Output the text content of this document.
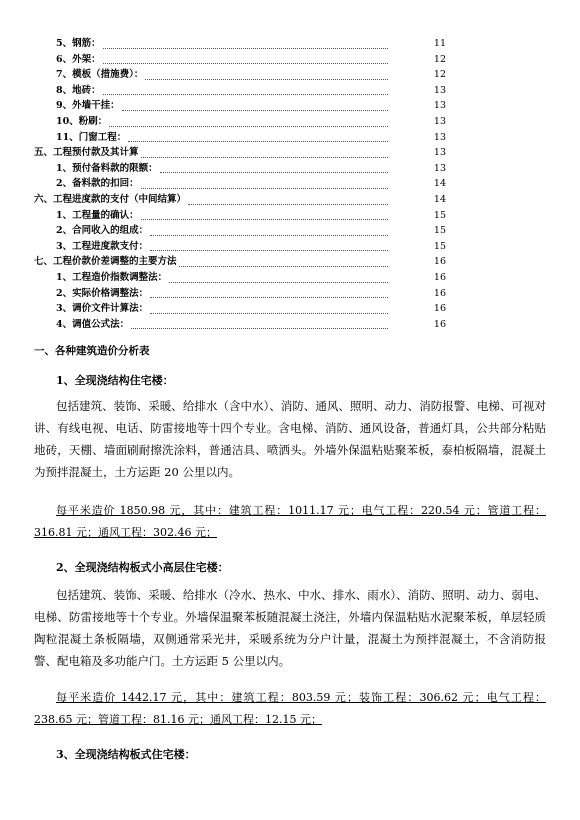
5、钢筋：	11
6、外架：	12
7、模板（措施费）：	12
8、地砖：	13
9、外墙干挂：	13
10、粉刷：	13
11、门窗工程：	13
五、工程预付款及其计算	13
1、预付备料款的限额：	13
2、备料款的扣回：	14
六、工程进度款的支付（中间结算）	14
1、工程量的确认：	15
2、合同收入的组成：	15
3、工程进度款支付：	15
七、工程价款价差调整的主要方法	16
1、工程造价指数调整法：	16
2、实际价格调整法：	16
3、调价文件计算法：	16
4、调值公式法：	16
一、各种建筑造价分析表
1、全现浇结构住宅楼：
包括建筑、装饰、采暖、给排水（含中水）、消防、通风、照明、动力、消防报警、电梯、可视对讲、有线电视、电话、防雷接地等十四个专业。含电梯、消防、通风设备，普通灯具，公共部分粘贴地砖，天棚、墙面刷耐擦洗涂料，普通洁具、喷洒头。外墙外保温粘贴聚苯板，泰柏板隔墙，混凝土为预拌混凝土，土方运距 20 公里以内。
每平米造价 1850.98 元，其中：建筑工程：1011.17 元；电气工程：220.54 元；管道工程：316.81 元；通风工程：302.46 元；
2、全现浇结构板式小高层住宅楼：
包括建筑、装饰、采暖、给排水（冷水、热水、中水、排水、雨水）、消防、照明、动力、弱电、电梯、防雷接地等十个专业。外墙保温聚苯板随混凝土浇注，外墙内保温粘贴水泥聚苯板，单层轻质陶粒混凝土条板隔墙，双侧通常采光井，采暖系统为分户计量，混凝土为预拌混凝土，不含消防报警、配电箱及多功能户门。土方运距 5 公里以内。
每平米造价 1442.17 元，其中：建筑工程：803.59 元；装饰工程：306.62 元；电气工程：238.65 元；管道工程：81.16 元；通风工程：12.15 元；
3、全现浇结构板式住宅楼：
